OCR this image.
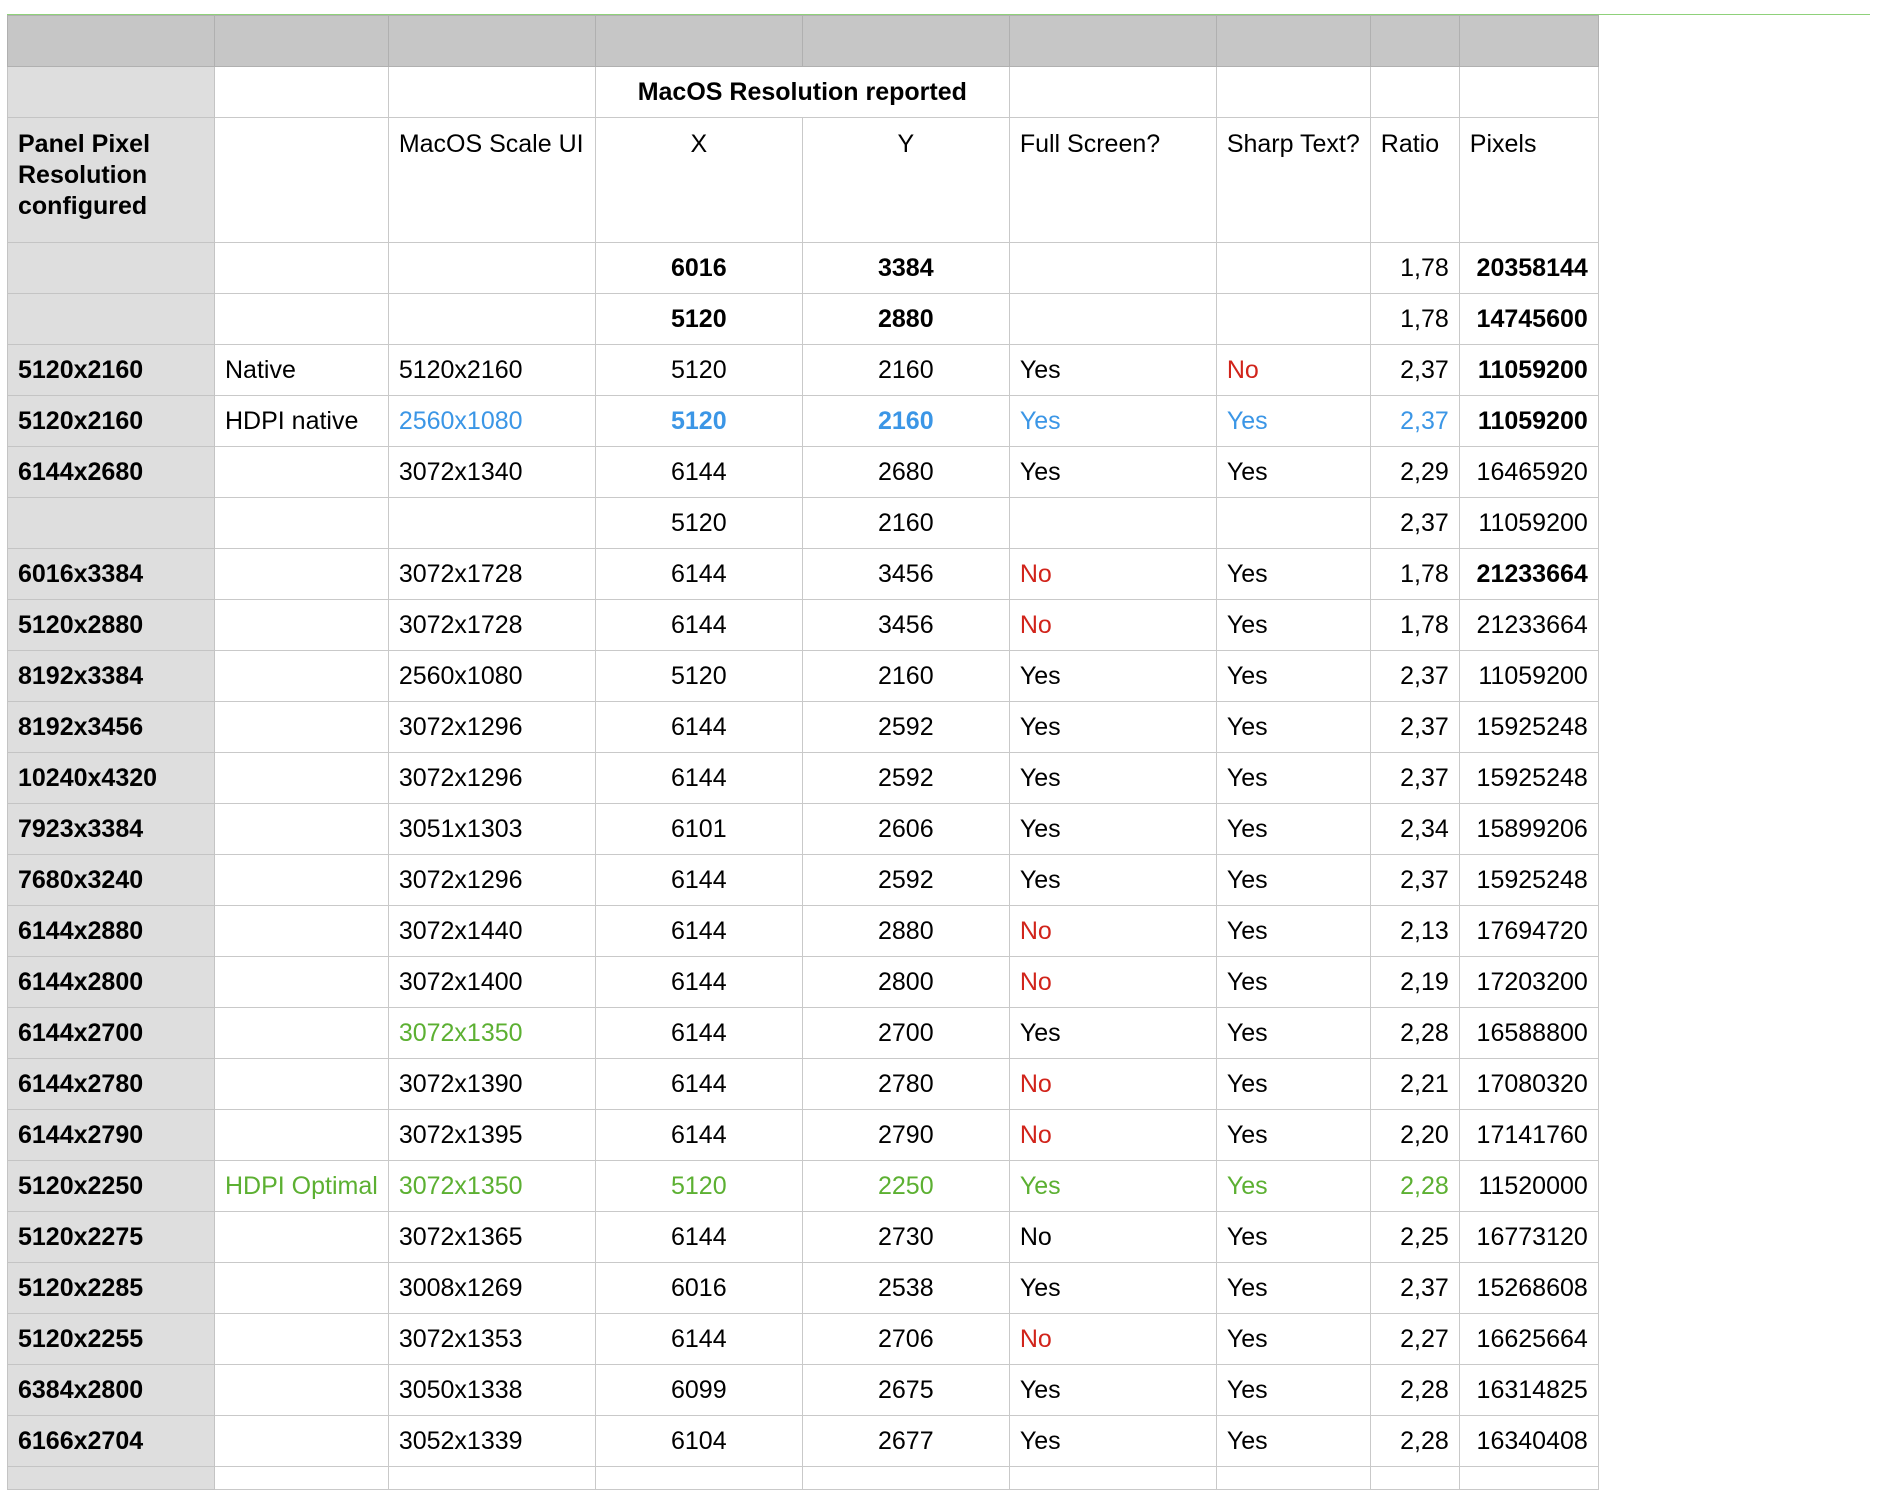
			MacOS Resolution reported					
Panel Pixel Resolution configured		MacOS Scale UI	X	Y	Full Screen?	Sharp Text?	Ratio	Pixels
			6016	3384			1,78	20358144
			5120	2880			1,78	14745600
5120x2160	Native	5120x2160	5120	2160	Yes	No	2,37	11059200
5120x2160	HDPI native	2560x1080	5120	2160	Yes	Yes	2,37	11059200
6144x2680		3072x1340	6144	2680	Yes	Yes	2,29	16465920
			5120	2160			2,37	11059200
6016x3384		3072x1728	6144	3456	No	Yes	1,78	21233664
5120x2880		3072x1728	6144	3456	No	Yes	1,78	21233664
8192x3384		2560x1080	5120	2160	Yes	Yes	2,37	11059200
8192x3456		3072x1296	6144	2592	Yes	Yes	2,37	15925248
10240x4320		3072x1296	6144	2592	Yes	Yes	2,37	15925248
7923x3384		3051x1303	6101	2606	Yes	Yes	2,34	15899206
7680x3240		3072x1296	6144	2592	Yes	Yes	2,37	15925248
6144x2880		3072x1440	6144	2880	No	Yes	2,13	17694720
6144x2800		3072x1400	6144	2800	No	Yes	2,19	17203200
6144x2700		3072x1350	6144	2700	Yes	Yes	2,28	16588800
6144x2780		3072x1390	6144	2780	No	Yes	2,21	17080320
6144x2790		3072x1395	6144	2790	No	Yes	2,20	17141760
5120x2250	HDPI Optimal	3072x1350	5120	2250	Yes	Yes	2,28	11520000
5120x2275		3072x1365	6144	2730	No	Yes	2,25	16773120
5120x2285		3008x1269	6016	2538	Yes	Yes	2,37	15268608
5120x2255		3072x1353	6144	2706	No	Yes	2,27	16625664
6384x2800		3050x1338	6099	2675	Yes	Yes	2,28	16314825
6166x2704		3052x1339	6104	2677	Yes	Yes	2,28	16340408
